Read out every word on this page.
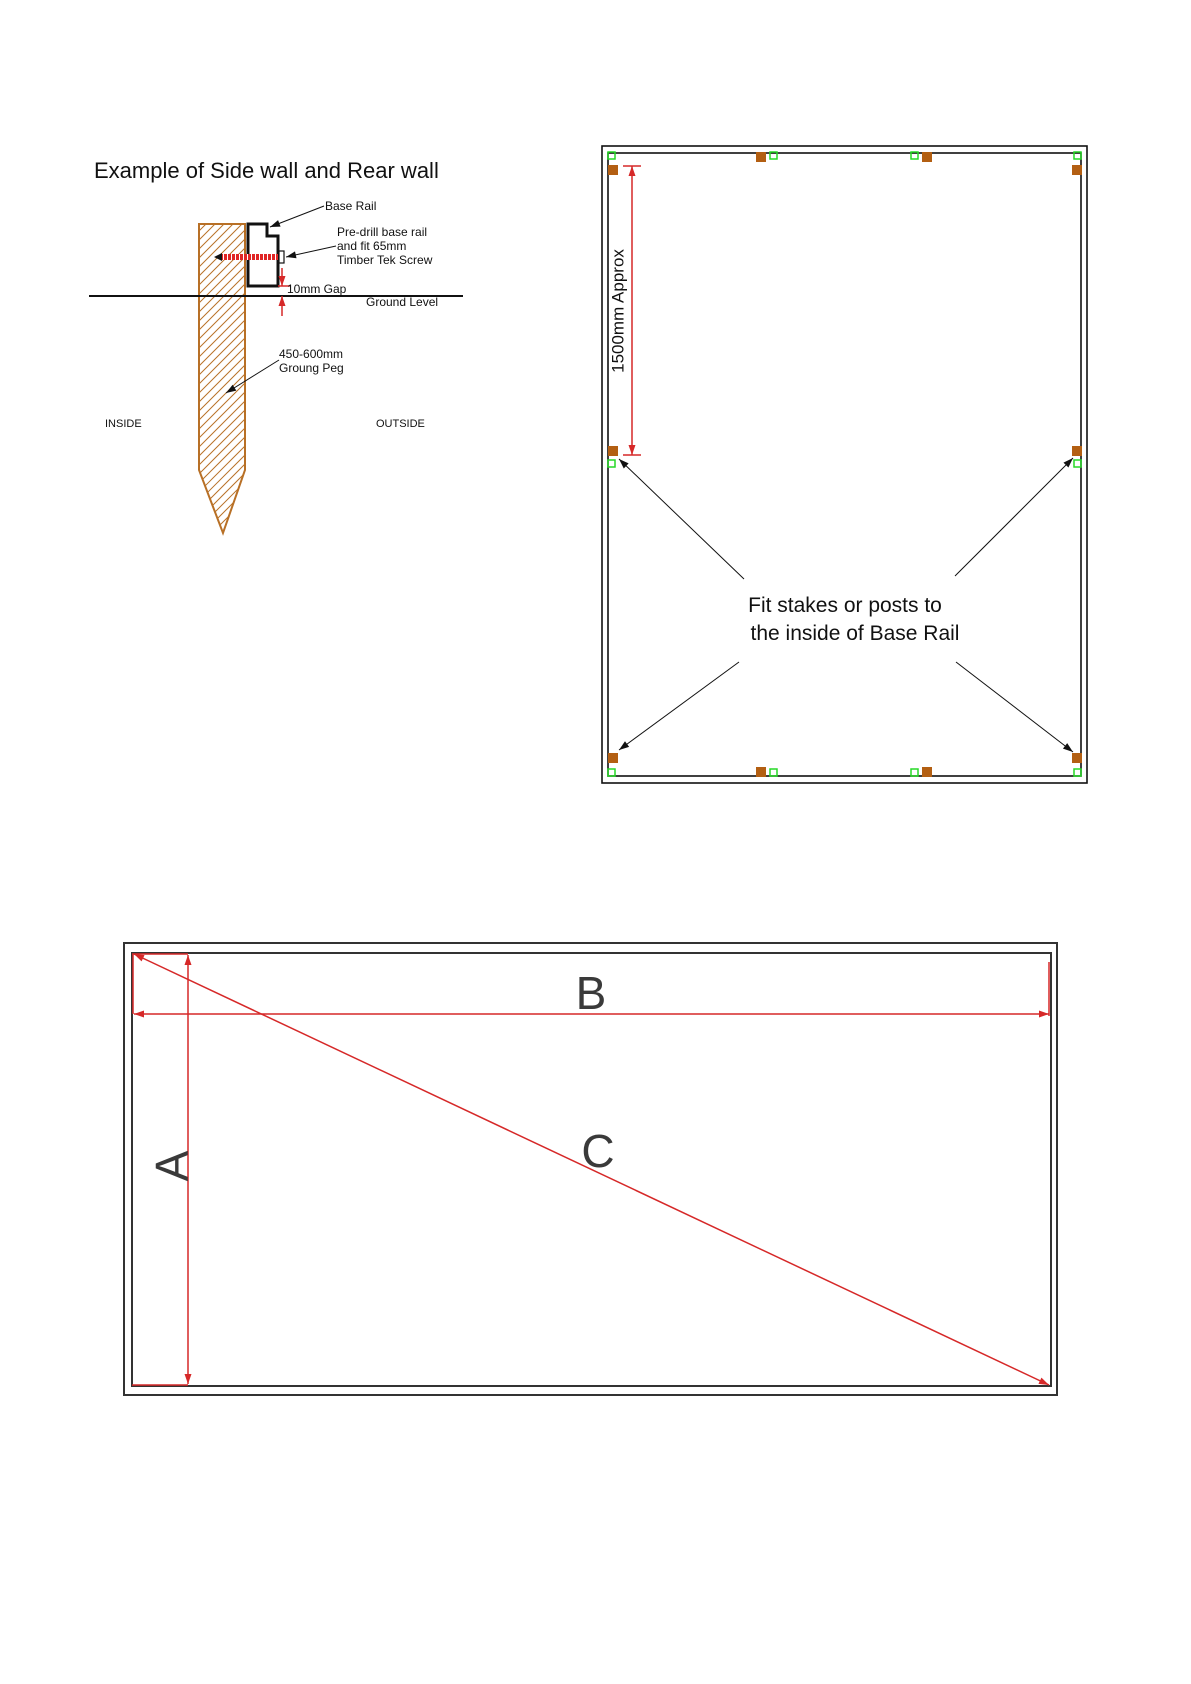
Example of Side wall and Rear wall
Base Rail
Pre-drill base rail
and fit 65mm
Timber Tek Screw
10mm Gap
Ground Level
450-600mm
Groung Peg
INSIDE	OUTSIDE
1500mm Approx
Fit stakes or posts to
the inside of Base Rail
A
B
C
